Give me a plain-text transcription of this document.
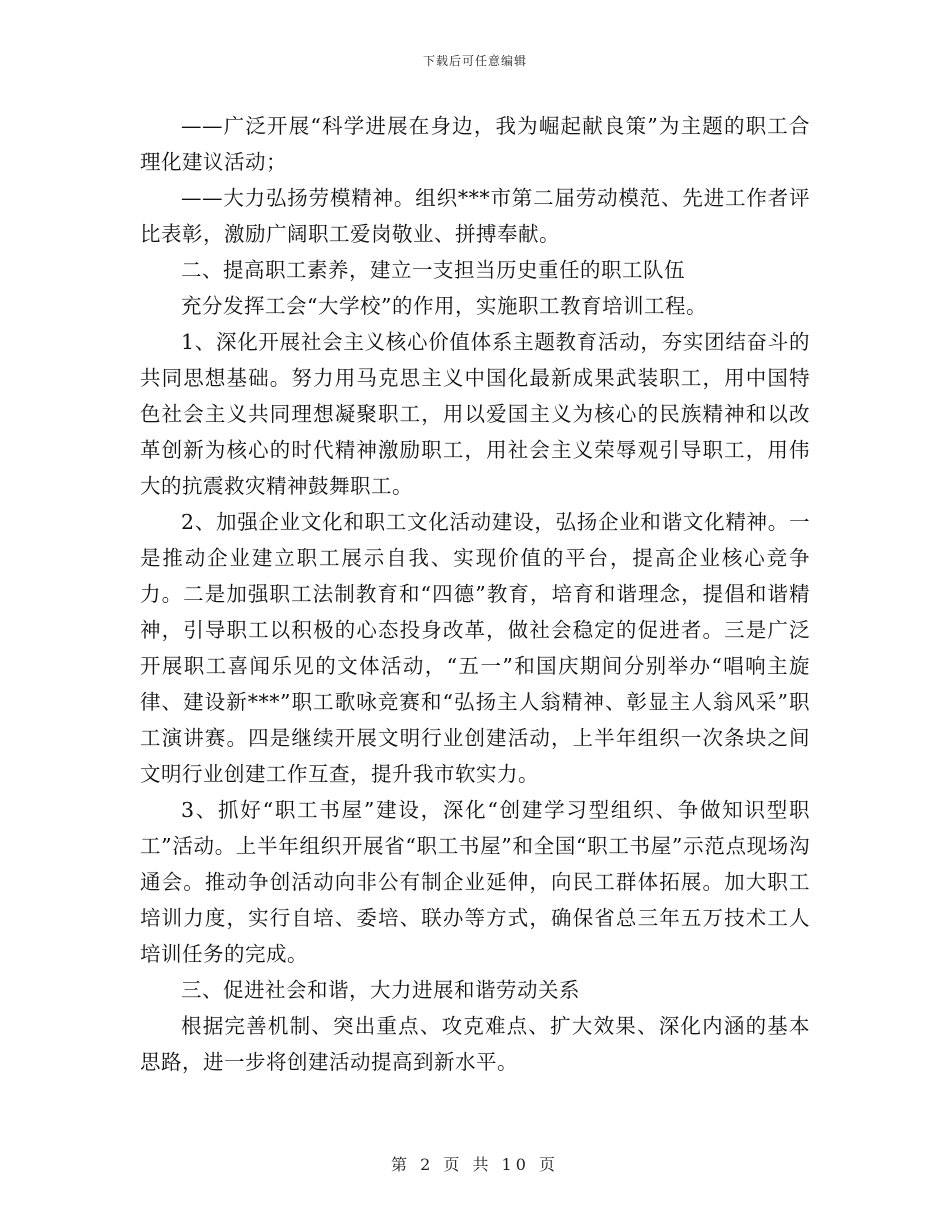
下载后可任意编辑

——广泛开展“科学进展在身边，我为崛起献良策”为主题的职工合理化建议活动；

——大力弘扬劳模精神。组织***市第二届劳动模范、先进工作者评比表彰，激励广阔职工爱岗敬业、拼搏奉献。

二、提高职工素养，建立一支担当历史重任的职工队伍

充分发挥工会“大学校”的作用，实施职工教育培训工程。

1、深化开展社会主义核心价值体系主题教育活动，夯实团结奋斗的共同思想基础。努力用马克思主义中国化最新成果武装职工，用中国特色社会主义共同理想凝聚职工，用以爱国主义为核心的民族精神和以改革创新为核心的时代精神激励职工，用社会主义荣辱观引导职工，用伟大的抗震救灾精神鼓舞职工。

2、加强企业文化和职工文化活动建设，弘扬企业和谐文化精神。一是推动企业建立职工展示自我、实现价值的平台，提高企业核心竞争力。二是加强职工法制教育和“四德”教育，培育和谐理念，提倡和谐精神，引导职工以积极的心态投身改革，做社会稳定的促进者。三是广泛开展职工喜闻乐见的文体活动，“五一”和国庆期间分别举办“唱响主旋律、建设新***”职工歌咏竞赛和“弘扬主人翁精神、彰显主人翁风采”职工演讲赛。四是继续开展文明行业创建活动，上半年组织一次条块之间文明行业创建工作互查，提升我市软实力。

3、抓好“职工书屋”建设，深化“创建学习型组织、争做知识型职工”活动。上半年组织开展省“职工书屋”和全国“职工书屋”示范点现场沟通会。推动争创活动向非公有制企业延伸，向民工群体拓展。加大职工培训力度，实行自培、委培、联办等方式，确保省总三年五万技术工人培训任务的完成。

三、促进社会和谐，大力进展和谐劳动关系

根据完善机制、突出重点、攻克难点、扩大效果、深化内涵的基本思路，进一步将创建活动提高到新水平。

第 2 页 共 10 页
